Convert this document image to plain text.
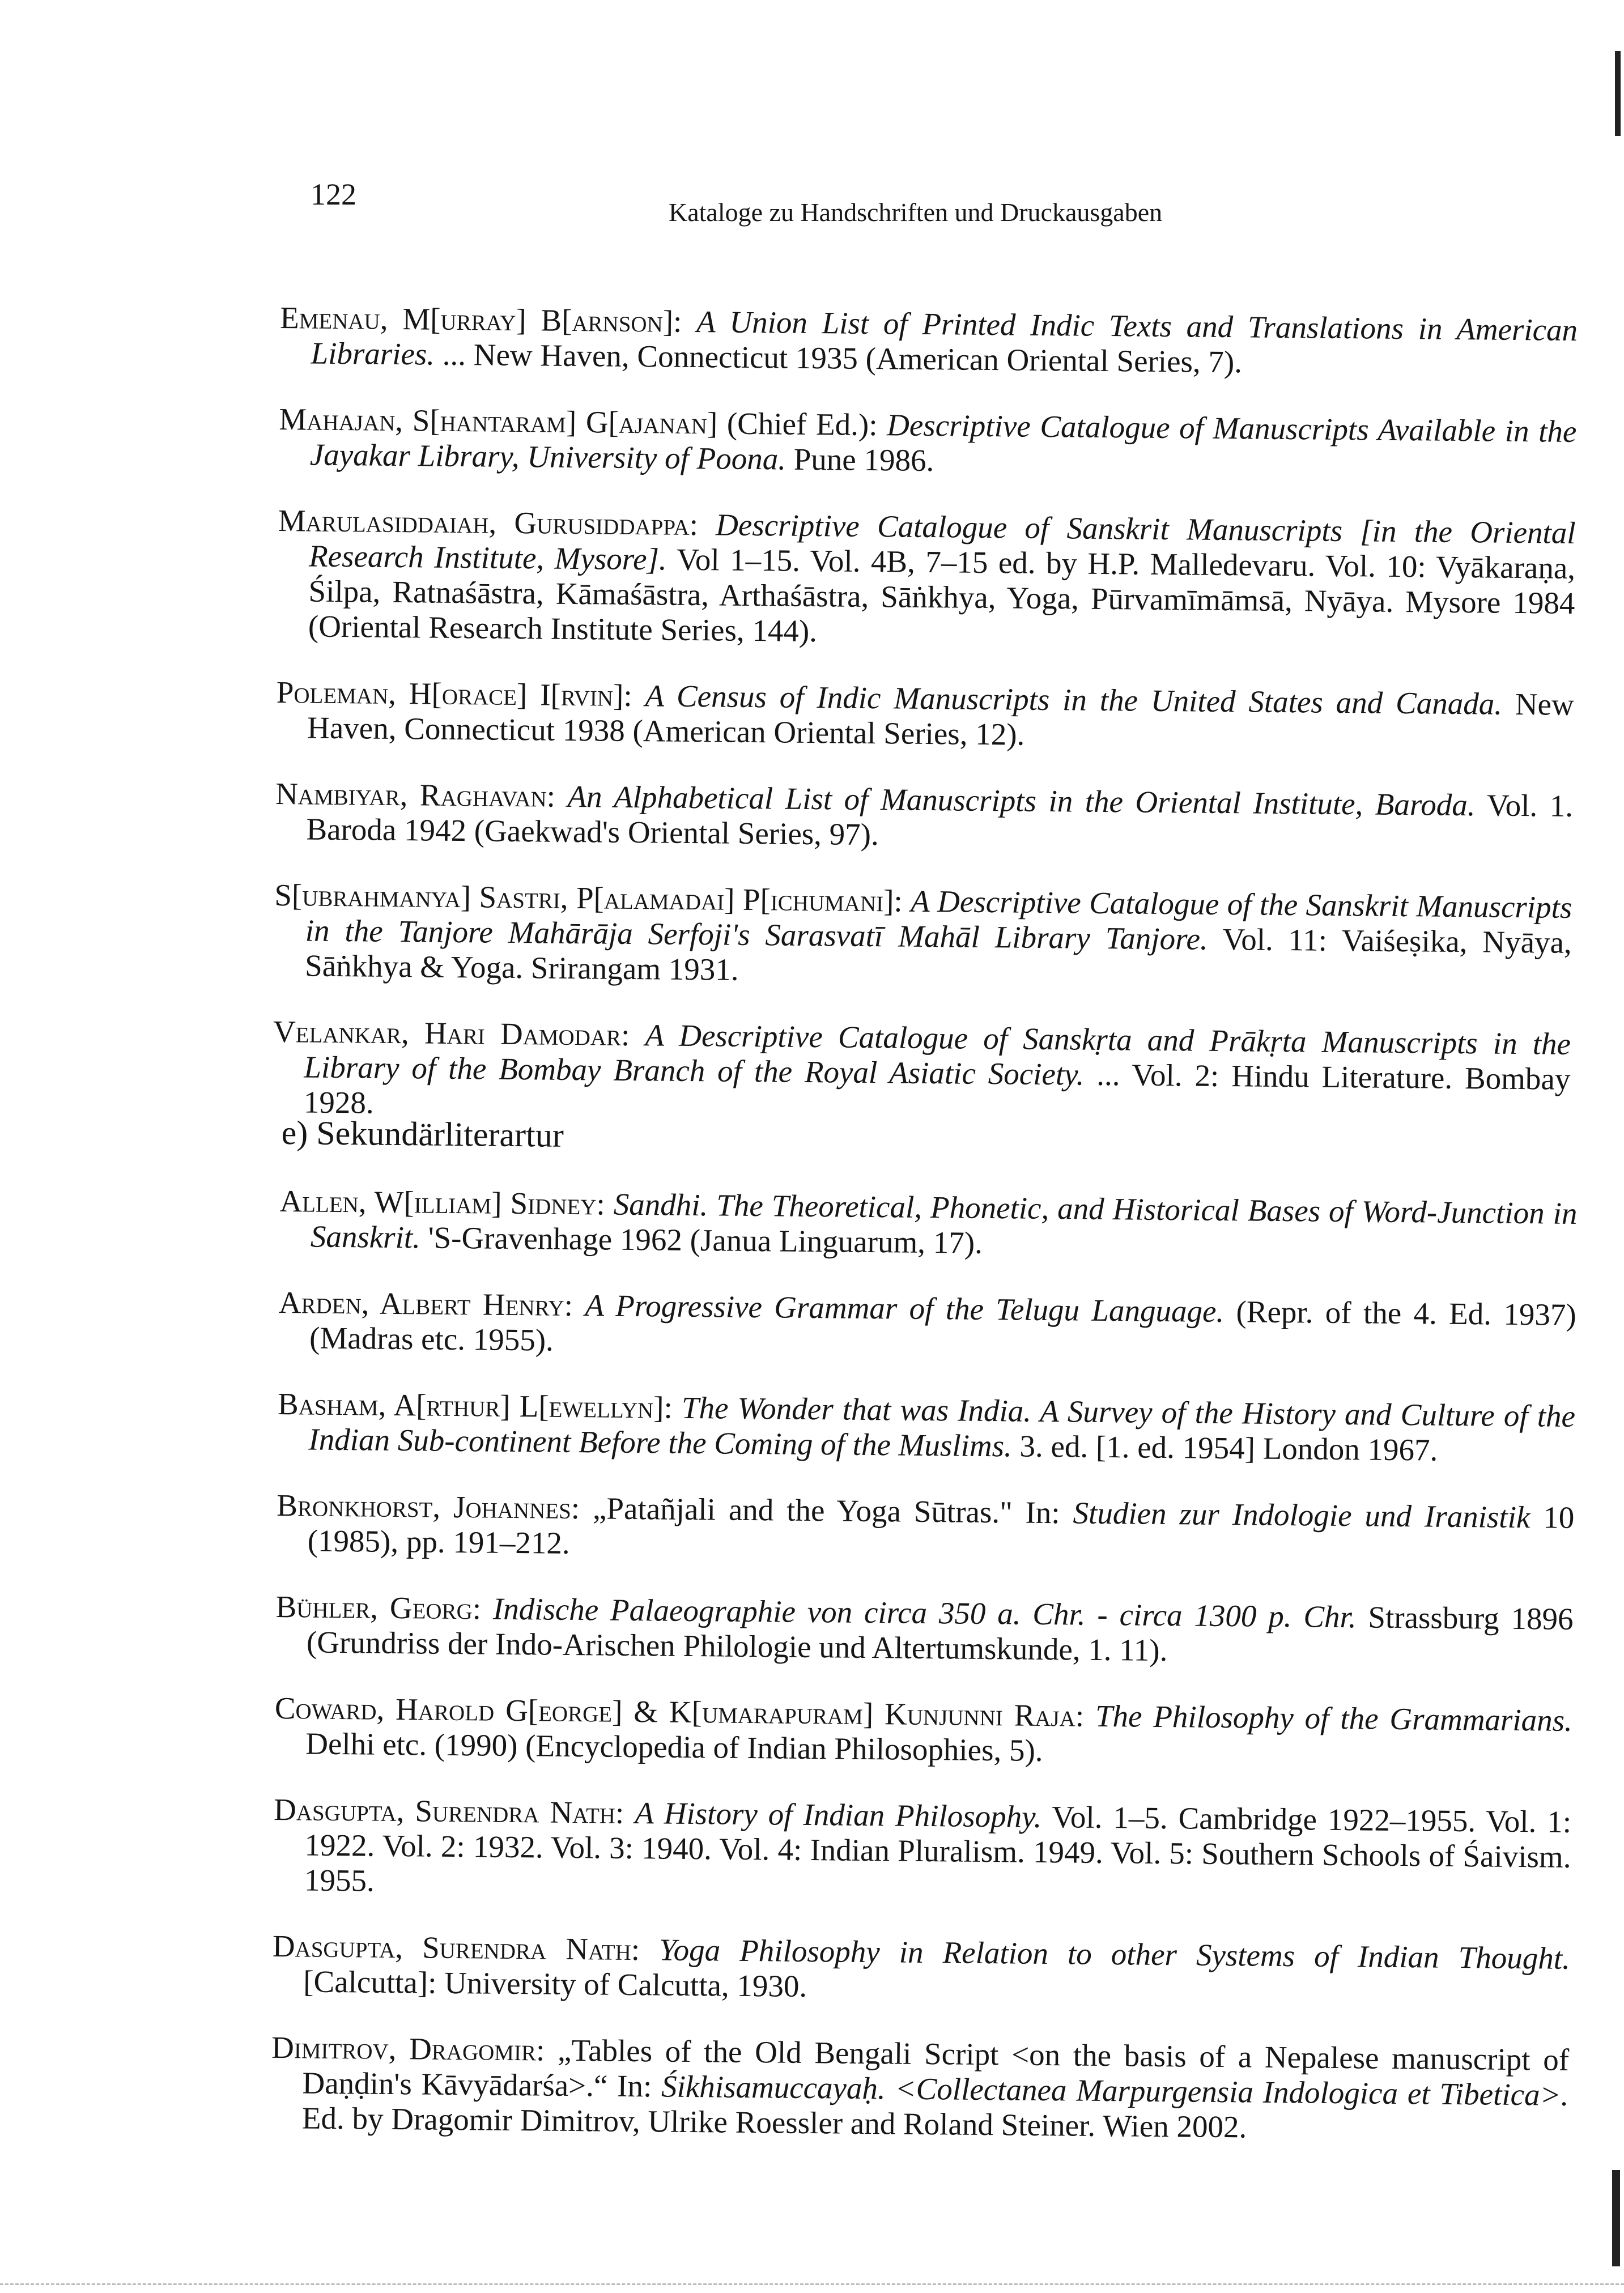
122
Kataloge zu Handschriften und Druckausgaben

Emenau, M[urray] B[arnson]: A Union List of Printed Indic Texts and Translations in American Libraries. ... New Haven, Connecticut 1935 (American Oriental Series, 7).

Mahajan, S[hantaram] G[ajanan] (Chief Ed.): Descriptive Catalogue of Manuscripts Available in the Jayakar Library, University of Poona. Pune 1986.

Marulasiddaiah, Gurusiddappa: Descriptive Catalogue of Sanskrit Manuscripts [in the Oriental Research Institute, Mysore]. Vol 1–15. Vol. 4B, 7–15 ed. by H.P. Malledevaru. Vol. 10: Vyākaraṇa, Śilpa, Ratnaśāstra, Kāmaśāstra, Arthaśāstra, Sāṅkhya, Yoga, Pūrvamīmāmsā, Nyāya. Mysore 1984 (Oriental Research Institute Series, 144).

Poleman, H[orace] I[rvin]: A Census of Indic Manuscripts in the United States and Canada. New Haven, Connecticut 1938 (American Oriental Series, 12).

Nambiyar, Raghavan: An Alphabetical List of Manuscripts in the Oriental Institute, Baroda. Vol. 1. Baroda 1942 (Gaekwad's Oriental Series, 97).

S[ubrahmanya] Sastri, P[alamadai] P[ichumani]: A Descriptive Catalogue of the Sanskrit Manuscripts in the Tanjore Mahārāja Serfoji's Sarasvatī Mahāl Library Tanjore. Vol. 11: Vaiśeṣika, Nyāya, Sāṅkhya & Yoga. Srirangam 1931.

Velankar, Hari Damodar: A Descriptive Catalogue of Sanskṛta and Prākṛta Manuscripts in the Library of the Bombay Branch of the Royal Asiatic Society. ... Vol. 2: Hindu Literature. Bombay 1928.

e) Sekundärliterartur

Allen, W[illiam] Sidney: Sandhi. The Theoretical, Phonetic, and Historical Bases of Word-Junction in Sanskrit. 'S-Gravenhage 1962 (Janua Linguarum, 17).

Arden, Albert Henry: A Progressive Grammar of the Telugu Language. (Repr. of the 4. Ed. 1937) (Madras etc. 1955).

Basham, A[rthur] L[ewellyn]: The Wonder that was India. A Survey of the History and Culture of the Indian Sub-continent Before the Coming of the Muslims. 3. ed. [1. ed. 1954] London 1967.

Bronkhorst, Johannes: „Patañjali and the Yoga Sūtras." In: Studien zur Indologie und Iranistik 10 (1985), pp. 191–212.

Bühler, Georg: Indische Palaeographie von circa 350 a. Chr. - circa 1300 p. Chr. Strassburg 1896 (Grundriss der Indo-Arischen Philologie und Altertumskunde, 1. 11).

Coward, Harold G[eorge] & K[umarapuram] Kunjunni Raja: The Philosophy of the Grammarians. Delhi etc. (1990) (Encyclopedia of Indian Philosophies, 5).

Dasgupta, Surendra Nath: A History of Indian Philosophy. Vol. 1–5. Cambridge 1922–1955. Vol. 1: 1922. Vol. 2: 1932. Vol. 3: 1940. Vol. 4: Indian Pluralism. 1949. Vol. 5: Southern Schools of Śaivism. 1955.

Dasgupta, Surendra Nath: Yoga Philosophy in Relation to other Systems of Indian Thought. [Calcutta]: University of Calcutta, 1930.

Dimitrov, Dragomir: „Tables of the Old Bengali Script <on the basis of a Nepalese manuscript of Daṇḍin's Kāvyādarśa>.“ In: Śikhisamuccayaḥ. <Collectanea Marpurgensia Indologica et Tibetica>. Ed. by Dragomir Dimitrov, Ulrike Roessler and Roland Steiner. Wien 2002.
